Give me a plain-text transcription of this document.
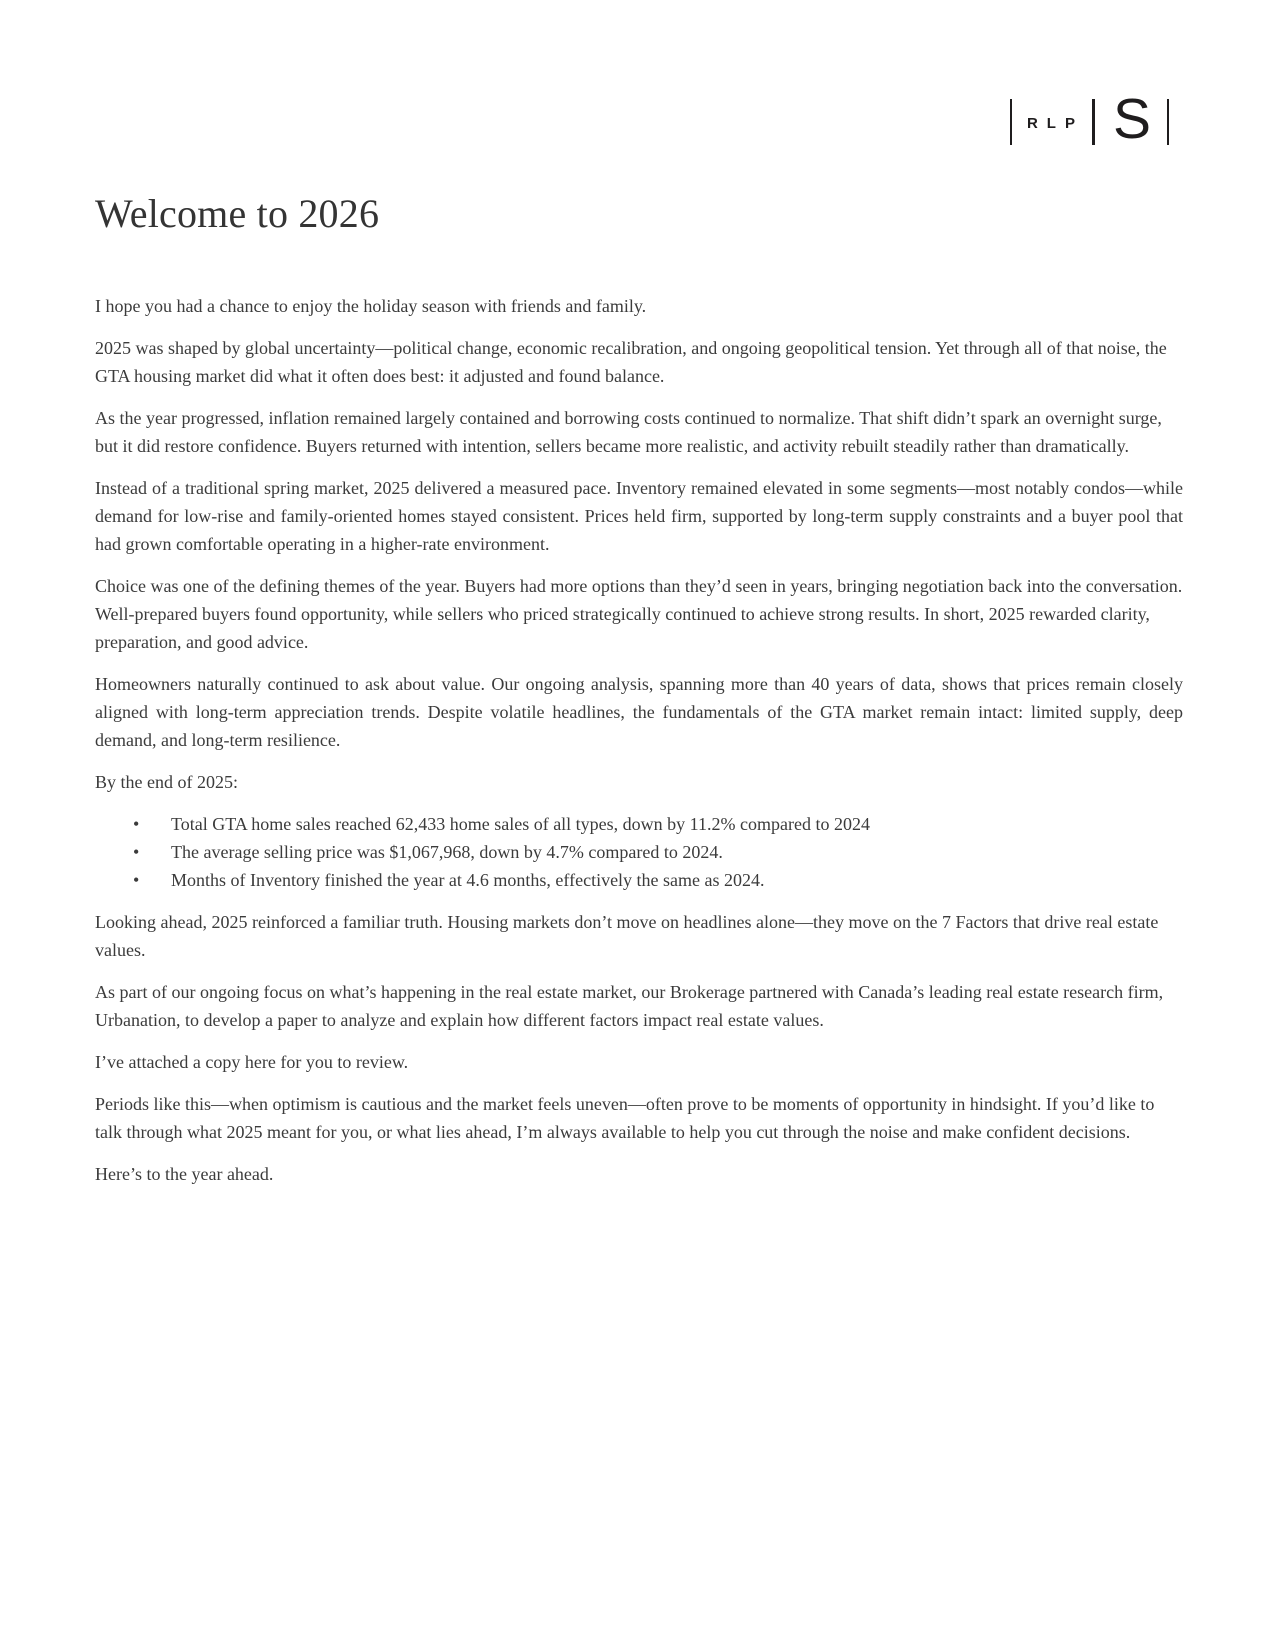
RLP S
Welcome to 2026

I hope you had a chance to enjoy the holiday season with friends and family.

2025 was shaped by global uncertainty—political change, economic recalibration, and ongoing geopolitical tension. Yet through all of that noise, the GTA housing market did what it often does best: it adjusted and found balance.

As the year progressed, inflation remained largely contained and borrowing costs continued to normalize. That shift didn’t spark an overnight surge, but it did restore confidence. Buyers returned with intention, sellers became more realistic, and activity rebuilt steadily rather than dramatically.

Instead of a traditional spring market, 2025 delivered a measured pace. Inventory remained elevated in some segments—most notably condos—while demand for low-rise and family-oriented homes stayed consistent. Prices held firm, supported by long-term supply constraints and a buyer pool that had grown comfortable operating in a higher-rate environment.

Choice was one of the defining themes of the year. Buyers had more options than they’d seen in years, bringing negotiation back into the conversation. Well-prepared buyers found opportunity, while sellers who priced strategically continued to achieve strong results. In short, 2025 rewarded clarity, preparation, and good advice.

Homeowners naturally continued to ask about value. Our ongoing analysis, spanning more than 40 years of data, shows that prices remain closely aligned with long-term appreciation trends. Despite volatile headlines, the fundamentals of the GTA market remain intact: limited supply, deep demand, and long-term resilience.

By the end of 2025:

• Total GTA home sales reached 62,433 home sales of all types, down by 11.2% compared to 2024
• The average selling price was $1,067,968, down by 4.7% compared to 2024.
• Months of Inventory finished the year at 4.6 months, effectively the same as 2024.

Looking ahead, 2025 reinforced a familiar truth. Housing markets don’t move on headlines alone—they move on the 7 Factors that drive real estate values.

As part of our ongoing focus on what’s happening in the real estate market, our Brokerage partnered with Canada’s leading real estate research firm, Urbanation, to develop a paper to analyze and explain how different factors impact real estate values.

I’ve attached a copy here for you to review.

Periods like this—when optimism is cautious and the market feels uneven—often prove to be moments of opportunity in hindsight. If you’d like to talk through what 2025 meant for you, or what lies ahead, I’m always available to help you cut through the noise and make confident decisions.

Here’s to the year ahead.
